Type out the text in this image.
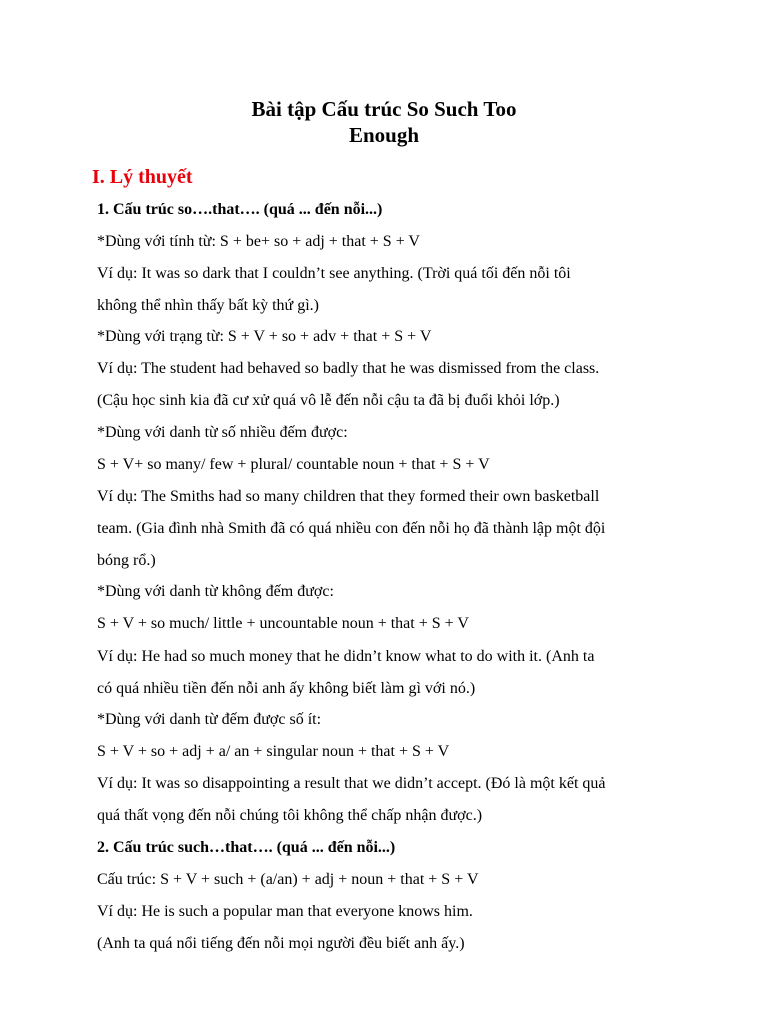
Bài tập Cấu trúc So Such Too
Enough
I. Lý thuyết
1. Cấu trúc so….that…. (quá ... đến nỗi...)
*Dùng với tính từ: S + be+ so + adj + that + S + V
Ví dụ: It was so dark that I couldn’t see anything. (Trời quá tối đến nỗi tôi
không thể nhìn thấy bất kỳ thứ gì.)
*Dùng với trạng từ: S + V + so + adv + that + S + V
Ví dụ: The student had behaved so badly that he was dismissed from the class.
(Cậu học sinh kia đã cư xử quá vô lễ đến nỗi cậu ta đã bị đuổi khỏi lớp.)
*Dùng với danh từ số nhiều đếm được:
S + V+ so many/ few + plural/ countable noun + that + S + V
Ví dụ: The Smiths had so many children that they formed their own basketball
team. (Gia đình nhà Smith đã có quá nhiều con đến nỗi họ đã thành lập một đội
bóng rổ.)
*Dùng với danh từ không đếm được:
S + V + so much/ little + uncountable noun + that + S + V
Ví dụ: He had so much money that he didn’t know what to do with it. (Anh ta
có quá nhiều tiền đến nỗi anh ấy không biết làm gì với nó.)
*Dùng với danh từ đếm được số ít:
S + V + so + adj + a/ an + singular noun + that + S + V
Ví dụ: It was so disappointing a result that we didn’t accept. (Đó là một kết quả
quá thất vọng đến nỗi chúng tôi không thể chấp nhận được.)
2. Cấu trúc such…that…. (quá ... đến nỗi...)
Cấu trúc: S + V + such + (a/an) + adj + noun + that + S + V
Ví dụ: He is such a popular man that everyone knows him.
(Anh ta quá nổi tiếng đến nỗi mọi người đều biết anh ấy.)
